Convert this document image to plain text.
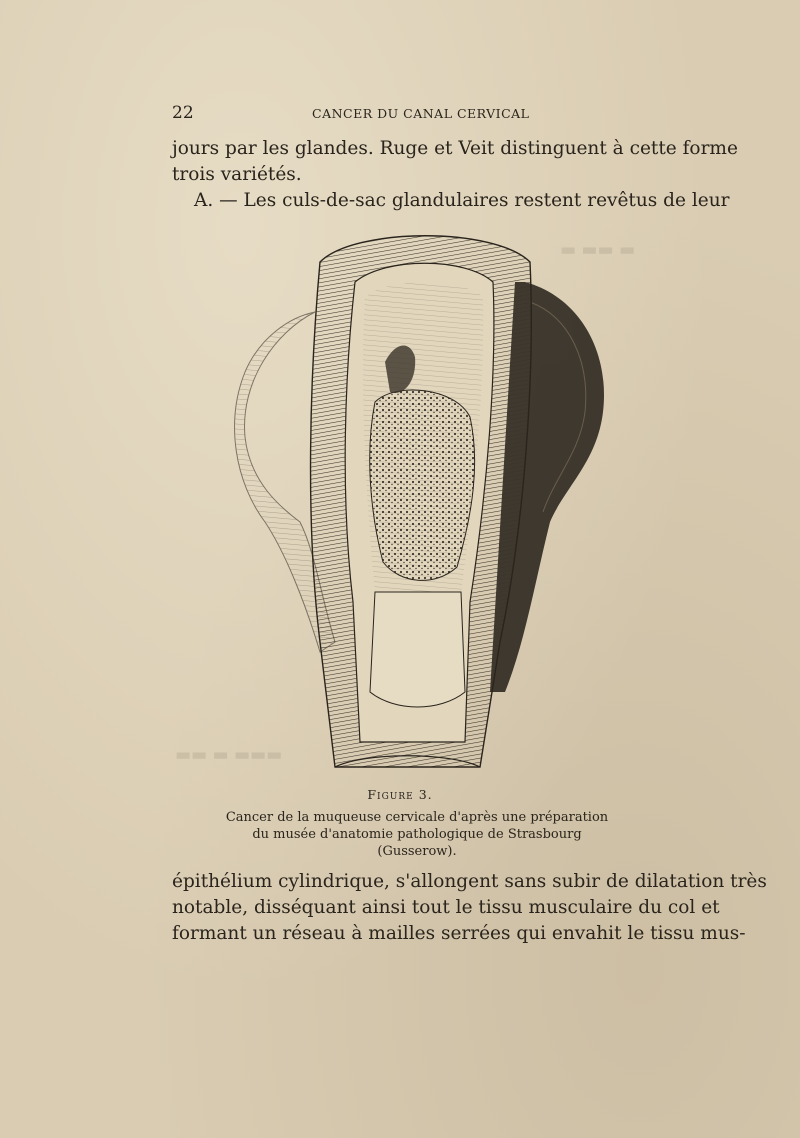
22	CANCER DU CANAL CERVICAL
jours par les glandes. Ruge et Veit distinguent à cette forme
trois variétés.
A. — Les culs-de-sac glandulaires restent revêtus de leur
▬ ▬▬ ▬
▬▬▬ ▬ ▬▬
Figure 3.
Cancer de la muqueuse cervicale d'après une préparation
du musée d'anatomie pathologique de Strasbourg (Gusserow).
épithélium cylindrique, s'allongent sans subir de dilatation très
notable, disséquant ainsi tout le tissu musculaire du col et
formant un réseau à mailles serrées qui envahit le tissu mus-
